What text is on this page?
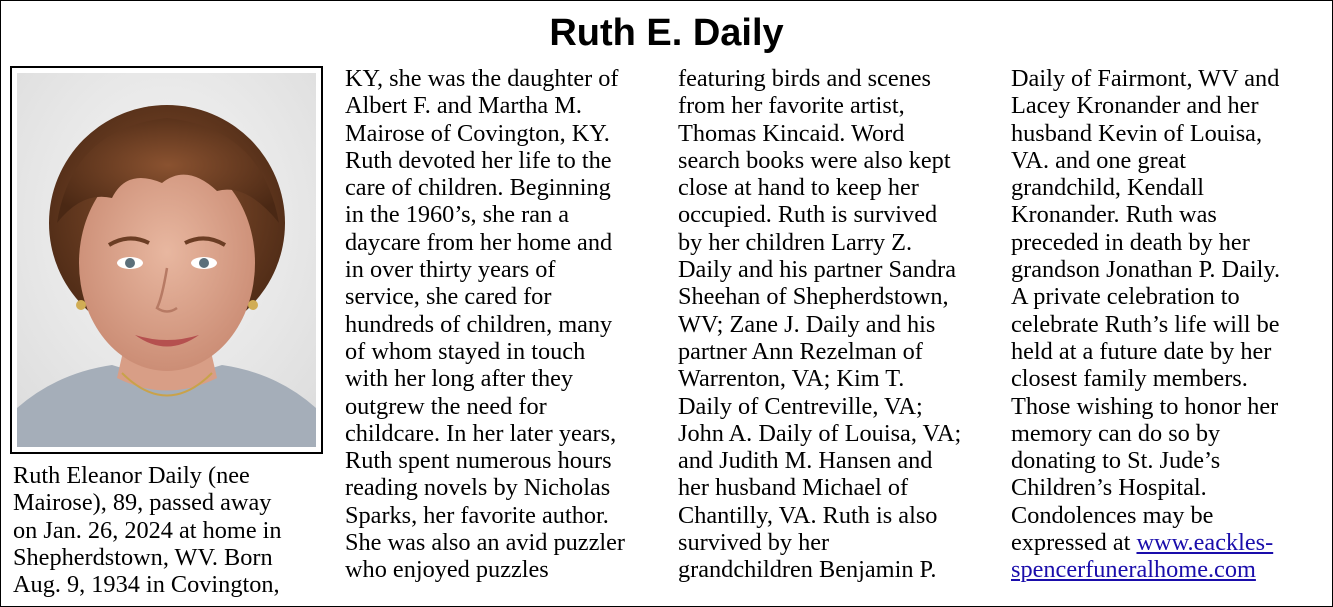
Ruth E. Daily
Ruth Eleanor Daily (nee
Mairose), 89, passed away
on Jan. 26, 2024 at home in
Shepherdstown, WV. Born
Aug. 9, 1934 in Covington,
KY, she was the daughter of
Albert F. and Martha M.
Mairose of Covington, KY.
Ruth devoted her life to the
care of children. Beginning
in the 1960’s, she ran a
daycare from her home and
in over thirty years of
service, she cared for
hundreds of children, many
of whom stayed in touch
with her long after they
outgrew the need for
childcare. In her later years,
Ruth spent numerous hours
reading novels by Nicholas
Sparks, her favorite author.
She was also an avid puzzler
who enjoyed puzzles
featuring birds and scenes
from her favorite artist,
Thomas Kincaid. Word
search books were also kept
close at hand to keep her
occupied. Ruth is survived
by her children Larry Z.
Daily and his partner Sandra
Sheehan of Shepherdstown,
WV; Zane J. Daily and his
partner Ann Rezelman of
Warrenton, VA; Kim T.
Daily of Centreville, VA;
John A. Daily of Louisa, VA;
and Judith M. Hansen and
her husband Michael of
Chantilly, VA. Ruth is also
survived by her
grandchildren Benjamin P.
Daily of Fairmont, WV and
Lacey Kronander and her
husband Kevin of Louisa,
VA. and one great
grandchild, Kendall
Kronander. Ruth was
preceded in death by her
grandson Jonathan P. Daily.
A private celebration to
celebrate Ruth’s life will be
held at a future date by her
closest family members.
Those wishing to honor her
memory can do so by
donating to St. Jude’s
Children’s Hospital.
Condolences may be
expressed at www.eackles-
spencerfuneralhome.com
